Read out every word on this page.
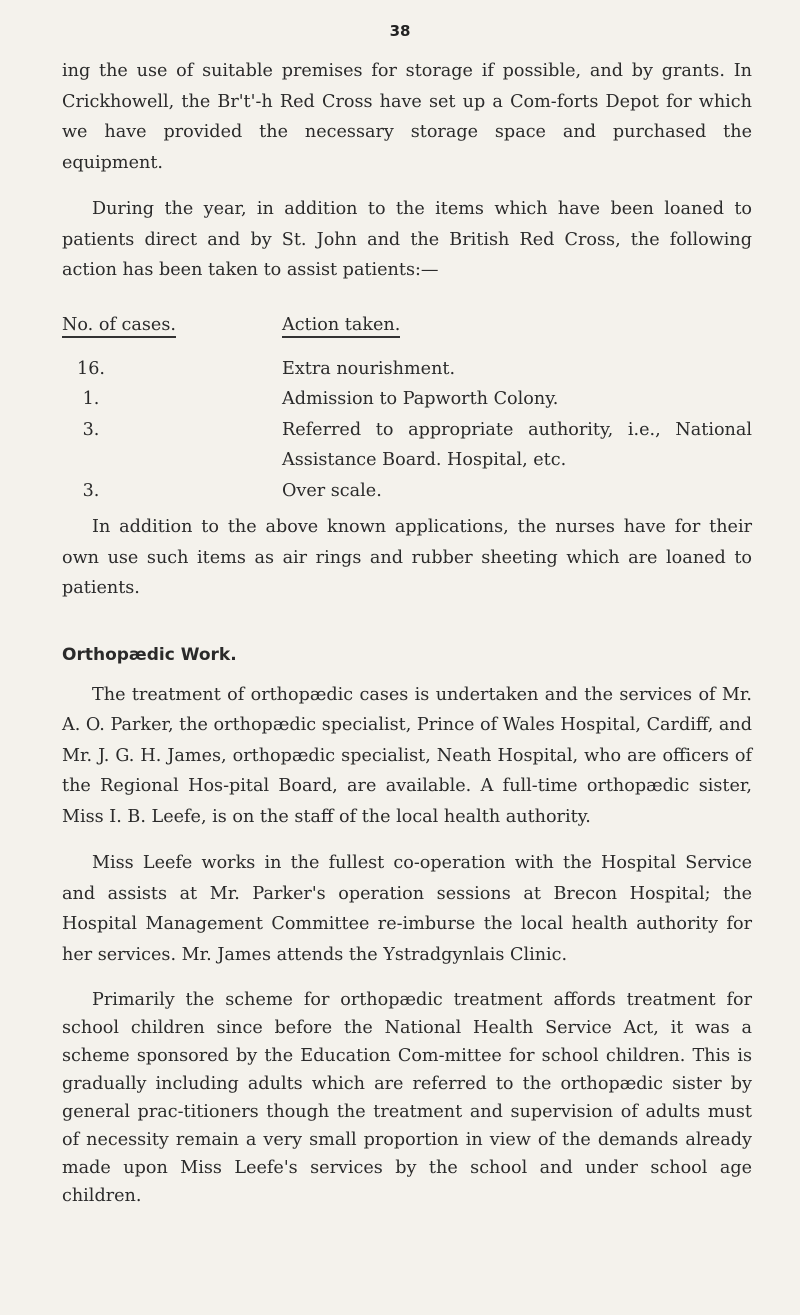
38

ing the use of suitable premises for storage if possible, and by grants. In Crickhowell, the Br't'-h Red Cross have set up a Com-forts Depot for which we have provided the necessary storage space and purchased the equipment.

During the year, in addition to the items which have been loaned to patients direct and by St. John and the British Red Cross, the following action has been taken to assist patients:—

No. of cases.	Action taken.
16.	Extra nourishment.
1.	Admission to Papworth Colony.
3.	Referred to appropriate authority, i.e., National Assistance Board. Hospital, etc.
3.	Over scale.

In addition to the above known applications, the nurses have for their own use such items as air rings and rubber sheeting which are loaned to patients.

Orthopædic Work.

The treatment of orthopædic cases is undertaken and the services of Mr. A. O. Parker, the orthopædic specialist, Prince of Wales Hospital, Cardiff, and Mr. J. G. H. James, orthopædic specialist, Neath Hospital, who are officers of the Regional Hos-pital Board, are available. A full-time orthopædic sister, Miss I. B. Leefe, is on the staff of the local health authority.

Miss Leefe works in the fullest co-operation with the Hospital Service and assists at Mr. Parker's operation sessions at Brecon Hospital; the Hospital Management Committee re-imburse the local health authority for her services. Mr. James attends the Ystradgynlais Clinic.

Primarily the scheme for orthopædic treatment affords treatment for school children since before the National Health Service Act, it was a scheme sponsored by the Education Com-mittee for school children. This is gradually including adults which are referred to the orthopædic sister by general prac-titioners though the treatment and supervision of adults must of necessity remain a very small proportion in view of the demands already made upon Miss Leefe's services by the school and under school age children.
